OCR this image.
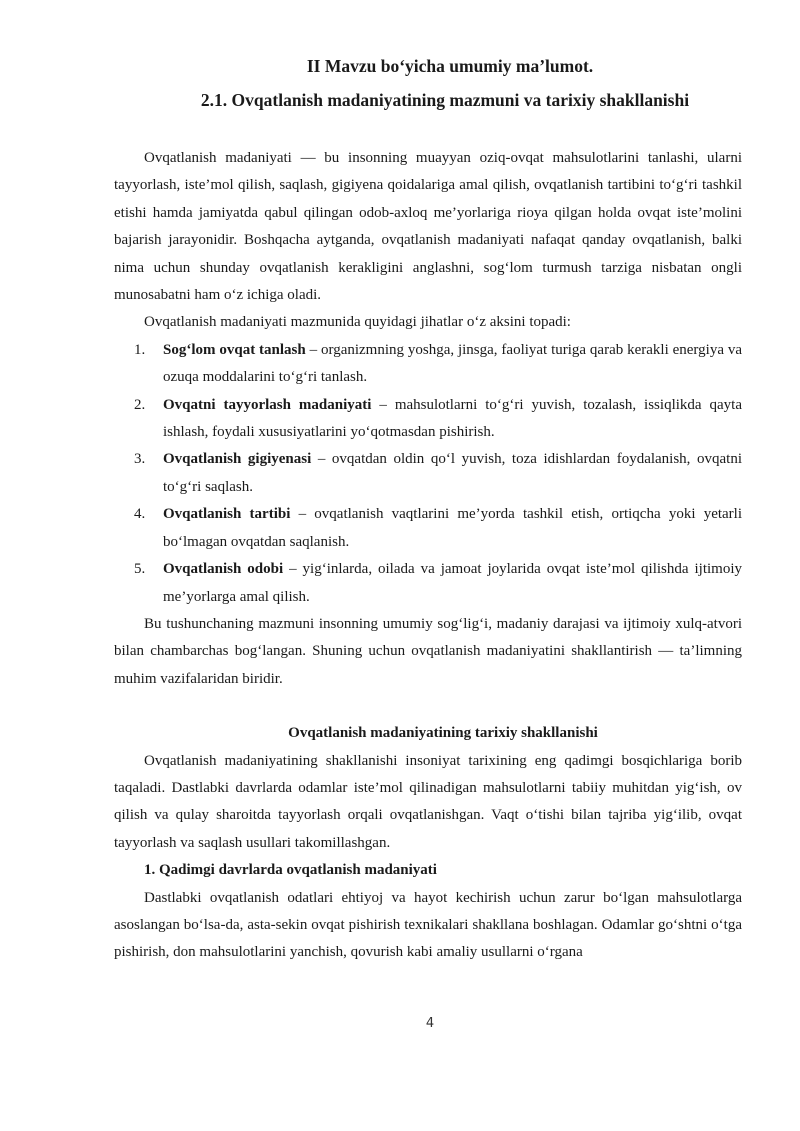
II Mavzu bo‘yicha umumiy ma’lumot.
2.1. Ovqatlanish madaniyatining mazmuni va tarixiy shakllanishi

Ovqatlanish madaniyati — bu insonning muayyan oziq-ovqat mahsulotlarini tanlashi, ularni tayyorlash, iste’mol qilish, saqlash, gigiyena qoidalariga amal qilish, ovqatlanish tartibini to‘g‘ri tashkil etishi hamda jamiyatda qabul qilingan odob-axloq me’yorlariga rioya qilgan holda ovqat iste’molini bajarish jarayonidir. Boshqacha aytganda, ovqatlanish madaniyati nafaqat qanday ovqatlanish, balki nima uchun shunday ovqatlanish kerakligini anglashni, sog‘lom turmush tarziga nisbatan ongli munosabatni ham o‘z ichiga oladi.

Ovqatlanish madaniyati mazmunida quyidagi jihatlar o‘z aksini topadi:

1. Sog‘lom ovqat tanlash – organizmning yoshga, jinsga, faoliyat turiga qarab kerakli energiya va ozuqa moddalarini to‘g‘ri tanlash.
2. Ovqatni tayyorlash madaniyati – mahsulotlarni to‘g‘ri yuvish, tozalash, issiqlikda qayta ishlash, foydali xususiyatlarini yo‘qotmasdan pishirish.
3. Ovqatlanish gigiyenasi – ovqatdan oldin qo‘l yuvish, toza idishlardan foydalanish, ovqatni to‘g‘ri saqlash.
4. Ovqatlanish tartibi – ovqatlanish vaqtlarini me’yorda tashkil etish, ortiqcha yoki yetarli bo‘lmagan ovqatdan saqlanish.
5. Ovqatlanish odobi – yig‘inlarda, oilada va jamoat joylarida ovqat iste’mol qilishda ijtimoiy me’yorlarga amal qilish.

Bu tushunchaning mazmuni insonning umumiy sog‘lig‘i, madaniy darajasi va ijtimoiy xulq-atvori bilan chambarchas bog‘langan. Shuning uchun ovqatlanish madaniyatini shakllantirish — ta’limning muhim vazifalaridan biridir.

Ovqatlanish madaniyatining tarixiy shakllanishi

Ovqatlanish madaniyatining shakllanishi insoniyat tarixining eng qadimgi bosqichlariga borib taqaladi. Dastlabki davrlarda odamlar iste’mol qilinadigan mahsulotlarni tabiiy muhitdan yig‘ish, ov qilish va qulay sharoitda tayyorlash orqali ovqatlanishgan. Vaqt o‘tishi bilan tajriba yig‘ilib, ovqat tayyorlash va saqlash usullari takomillashgan.

1. Qadimgi davrlarda ovqatlanish madaniyati

Dastlabki ovqatlanish odatlari ehtiyoj va hayot kechirish uchun zarur bo‘lgan mahsulotlarga asoslangan bo‘lsa-da, asta-sekin ovqat pishirish texnikalari shakllana boshlagan. Odamlar go‘shtni o‘tga pishirish, don mahsulotlarini yanchish, qovurish kabi amaliy usullarni o‘rgana

4
